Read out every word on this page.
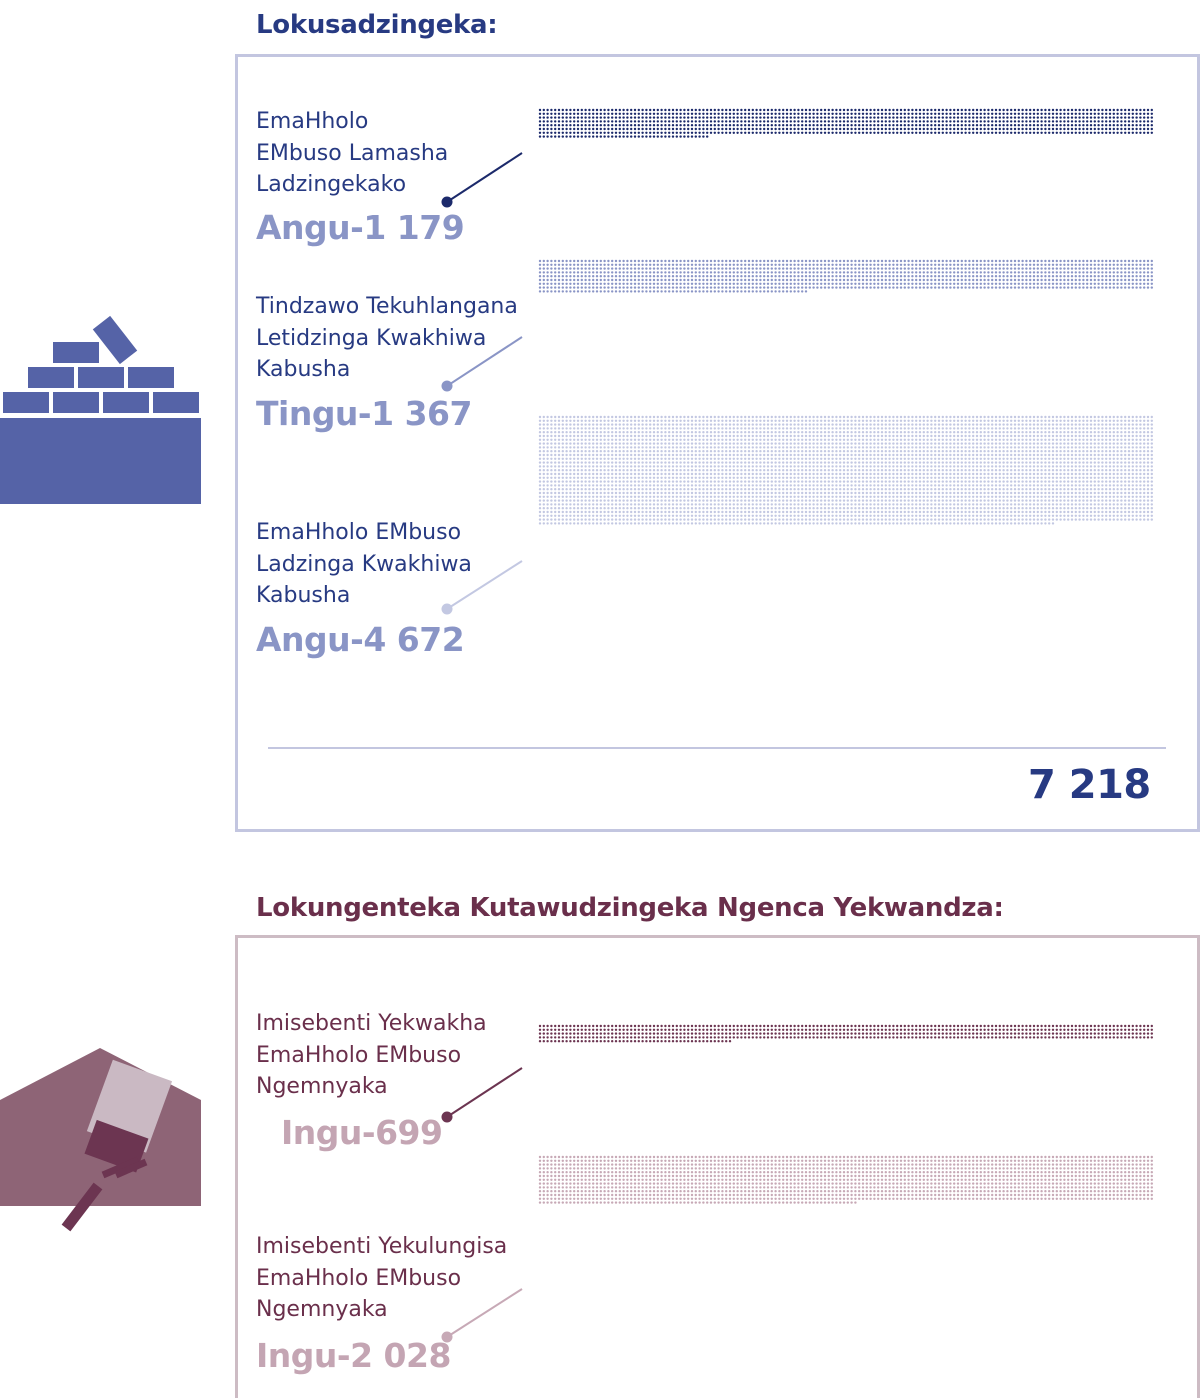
Lokusadzingeka:
EmaHholo
EMbuso Lamasha
Ladzingekako
Angu-1 179
Tindzawo Tekuhlangana
Letidzinga Kwakhiwa
Kabusha
Tingu-1 367
EmaHholo EMbuso
Ladzinga Kwakhiwa
Kabusha
Angu-4 672
7 218
Lokungenteka Kutawudzingeka Ngenca Yekwandza:
Imisebenti Yekwakha
EmaHholo EMbuso
Ngemnyaka
Ingu-699
Imisebenti Yekulungisa
EmaHholo EMbuso
Ngemnyaka
Ingu-2 028
